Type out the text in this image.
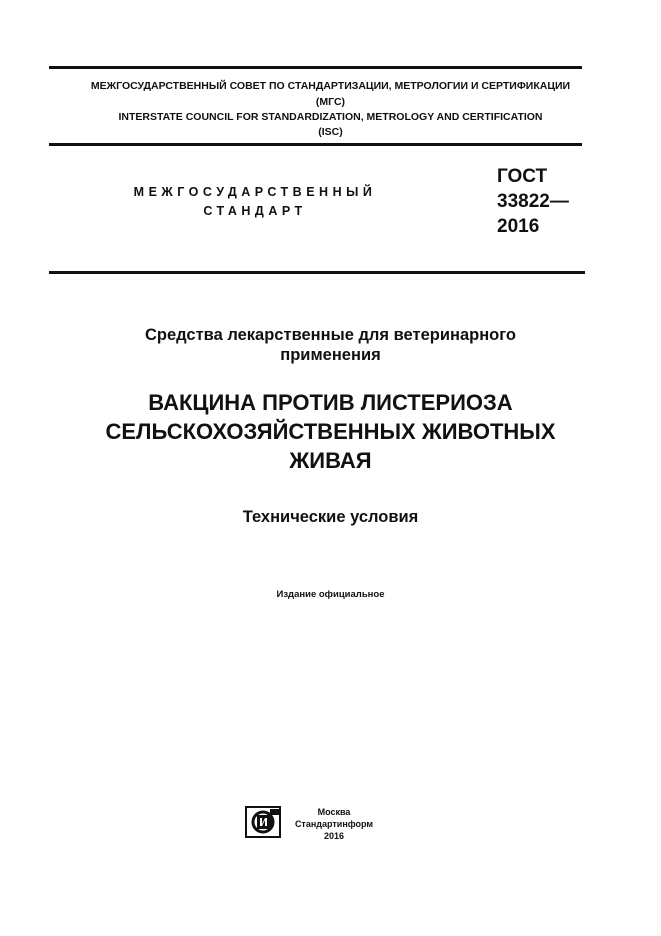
МЕЖГОСУДАРСТВЕННЫЙ СОВЕТ ПО СТАНДАРТИЗАЦИИ, МЕТРОЛОГИИ И СЕРТИФИКАЦИИ
(МГС)
INTERSTATE COUNCIL FOR STANDARDIZATION, METROLOGY AND CERTIFICATION
(ISC)
МЕЖГОСУДАРСТВЕННЫЙ
СТАНДАРТ
ГОСТ
33822—
2016
Средства лекарственные для ветеринарного
применения
ВАКЦИНА ПРОТИВ ЛИСТЕРИОЗА
СЕЛЬСКОХОЗЯЙСТВЕННЫХ ЖИВОТНЫХ
ЖИВАЯ
Технические условия
Издание официальное
Москва
Стандартинформ
2016
